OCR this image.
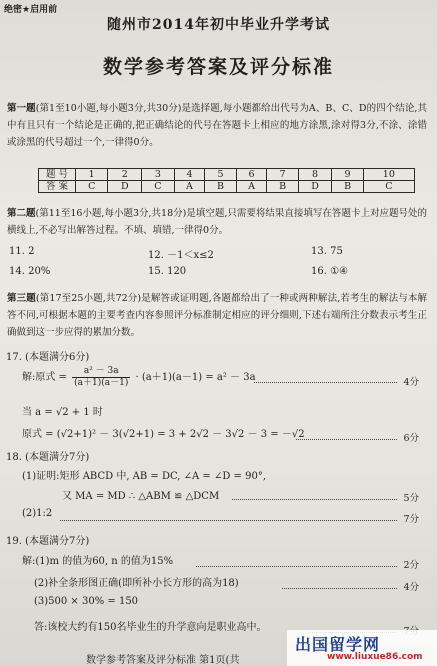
绝密★启用前
随州市2014年初中毕业升学考试
数学参考答案及评分标准
第一题(第1至10小题,每小题3分,共30分)是选择题,每小题都给出代号为A、B、C、D的四个结论,其中有且只有一个结论是正确的,把正确结论的代号在答题卡上相应的地方涂黑,涂对得3分,不涂、涂错或涂黑的代号超过一个,一律得0分。
题 号	1	2	3	4	5	6	7	8	9	10
答 案	C	D	C	A	B	A	B	D	B	C
第二题(第11至16小题,每小题3分,共18分)是填空题,只需要将结果直接填写在答题卡上对应题号处的横线上,不必写出解答过程。不填、填错,一律得0分。
11. 2	12. －1＜x≤2	13. 75
14. 20%	15. 120	16. ①④
第三题(第17至25小题,共72分)是解答或证明题,各题都给出了一种或两种解法,若考生的解法与本解答不同,可根据本题的主要考查内容参照评分标准制定相应的评分细则,下述右端所注分数表示考生正确做到这一步应得的累加分数。
17. (本题满分6分)
解:原式 = $\frac{\text{a² － 3a}}{(a+1)(a-1)} \cdot (a+1)(a-1) = a^2 - 3a$	4分
当 a = √2 + 1 时
原式 = (√2+1)² － 3(√2+1) = 3 + 2√2 － 3√2 － 3 = －√2	6分
18. (本题满分7分)
(1)证明:矩形 ABCD 中, AB = DC, ∠A = ∠D = 90°,
又 MA = MD ∴ △ABM ≌ △DCM	5分
(2)1:2
7分
19. (本题满分7分)
解:(1)m 的值为60, n 的值为15%	2分
(2)补全条形图正确(即所补小长方形的高为18)	4分
(3)500 × 30% = 150
答:该校大约有150名毕业生的升学意向是职业高中。
数学参考答案及评分标准 第1页(共
出国留学网
www.liuxue86.com
